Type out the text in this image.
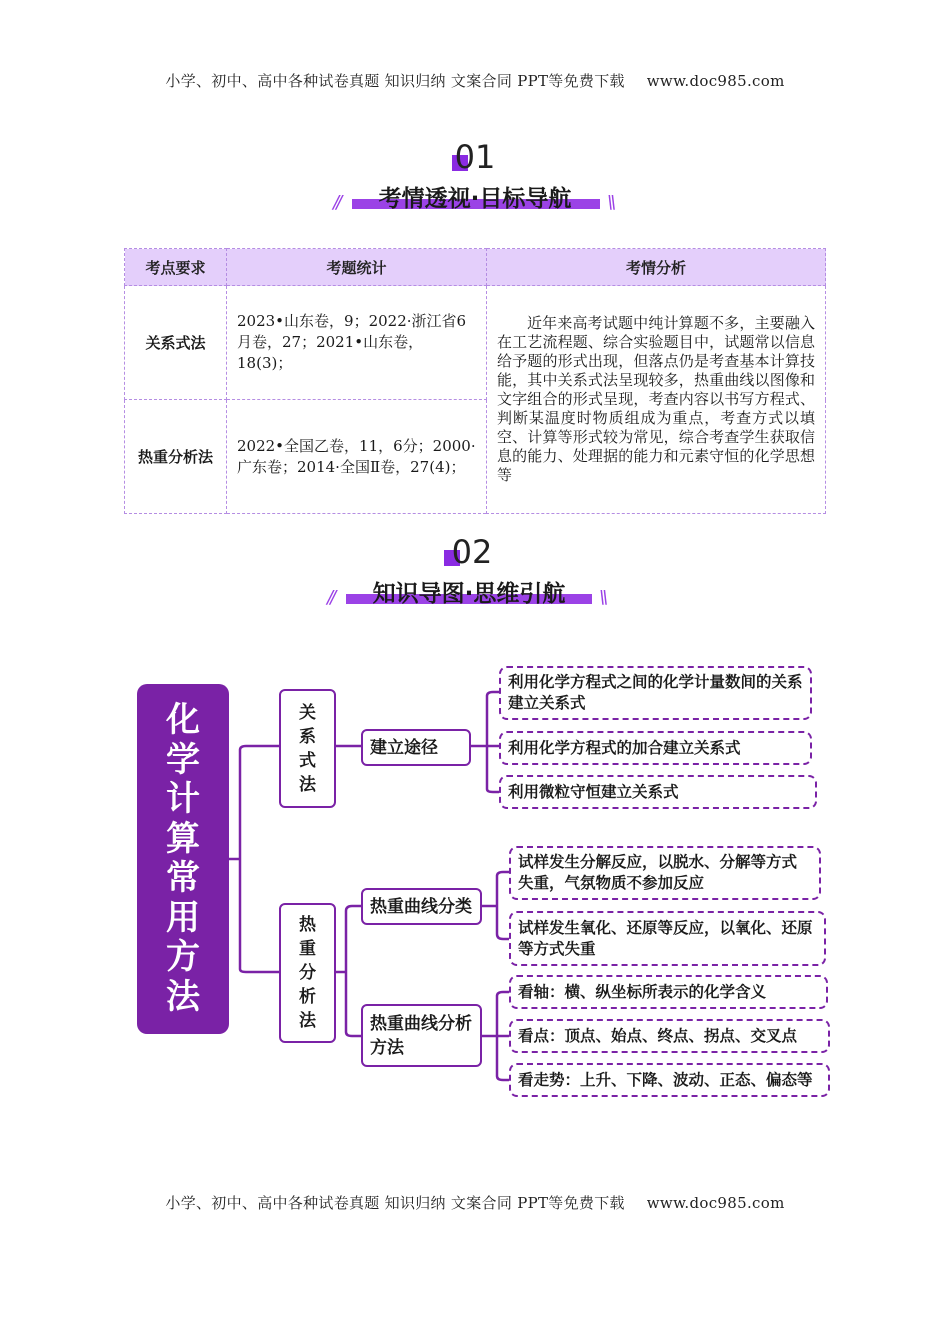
小学、初中、高中各种试卷真题 知识归纳 文案合同 PPT等免费下载 www.doc985.com
01
//	\\
考情透视·目标导航
考点要求	考题统计	考情分析
关系式法	2023•山东卷，9；2022·浙江省6月卷，27；2021•山东卷，18(3)；	近年来高考试题中纯计算题不多，主要融入在工艺流程题、综合实验题目中，试题常以信息给予题的形式出现，但落点仍是考查基本计算技能，其中关系式法呈现较多，热重曲线以图像和文字组合的形式呈现，考查内容以书写方程式、判断某温度时物质组成为重点，考查方式以填空、计算等形式较为常见，综合考查学生获取信息的能力、处理据的能力和元素守恒的化学思想等
热重分析法	2022•全国乙卷，11，6分；2000·广东卷；2014·全国Ⅱ卷，27(4)；	
02
//	\\
知识导图·思维引航
化
学
计
算
常
用
方
法
关
系
式
法
建立途径
利用化学方程式之间的化学计量数间的关系建立关系式
利用化学方程式的加合建立关系式
利用微粒守恒建立关系式
热
重
分
析
法
热重曲线分类
热重曲线分析方法
试样发生分解反应，以脱水、分解等方式失重，气氛物质不参加反应
试样发生氧化、还原等反应，以氧化、还原等方式失重
看轴：横、纵坐标所表示的化学含义
看点：顶点、始点、终点、拐点、交叉点
看走势：上升、下降、波动、正态、偏态等
小学、初中、高中各种试卷真题 知识归纳 文案合同 PPT等免费下载 www.doc985.com
